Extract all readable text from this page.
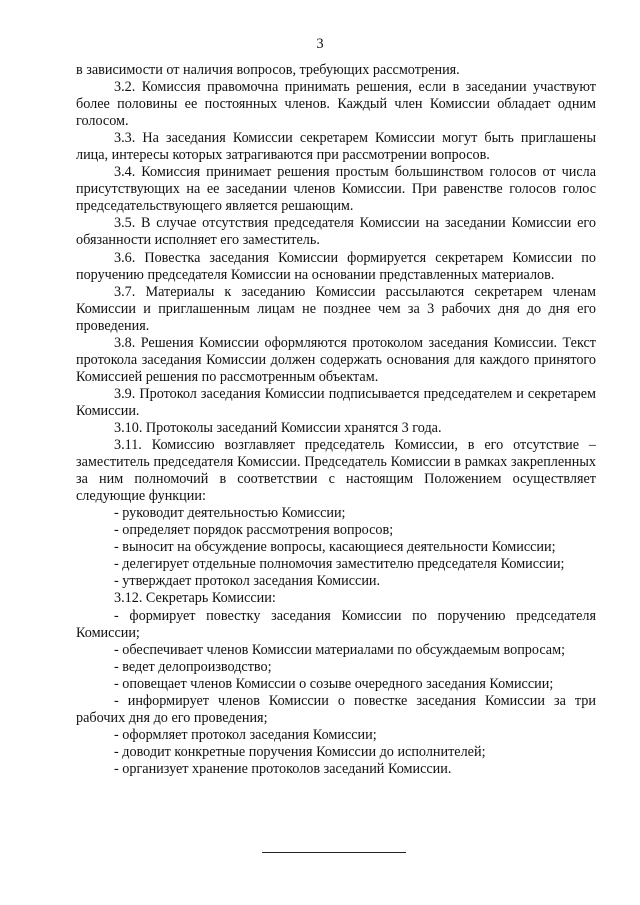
3

в зависимости от наличия вопросов, требующих рассмотрения.

3.2. Комиссия правомочна принимать решения, если в заседании участвуют более половины ее постоянных членов. Каждый член Комиссии обладает одним голосом.

3.3. На заседания Комиссии секретарем Комиссии могут быть приглашены лица, интересы которых затрагиваются при рассмотрении вопросов.

3.4. Комиссия принимает решения простым большинством голосов от числа присутствующих на ее заседании членов Комиссии. При равенстве голосов голос председательствующего является решающим.

3.5. В случае отсутствия председателя Комиссии на заседании Комиссии его обязанности исполняет его заместитель.

3.6. Повестка заседания Комиссии формируется секретарем Комиссии по поручению председателя Комиссии на основании представленных материалов.

3.7. Материалы к заседанию Комиссии рассылаются секретарем членам Комиссии и приглашенным лицам не позднее чем за 3 рабочих дня до дня его проведения.

3.8. Решения Комиссии оформляются протоколом заседания Комиссии. Текст протокола заседания Комиссии должен содержать основания для каждого принятого Комиссией решения по рассмотренным объектам.

3.9. Протокол заседания Комиссии подписывается председателем и секретарем Комиссии.

3.10. Протоколы заседаний Комиссии хранятся 3 года.

3.11. Комиссию возглавляет председатель Комиссии, в его отсутствие – заместитель председателя Комиссии. Председатель Комиссии в рамках закрепленных за ним полномочий в соответствии с настоящим Положением осуществляет следующие функции:

- руководит деятельностью Комиссии;

- определяет порядок рассмотрения вопросов;

- выносит на обсуждение вопросы, касающиеся деятельности Комиссии;

- делегирует отдельные полномочия заместителю председателя Комиссии;

- утверждает протокол заседания Комиссии.

3.12. Секретарь Комиссии:

- формирует повестку заседания Комиссии по поручению председателя Комиссии;

- обеспечивает членов Комиссии материалами по обсуждаемым вопросам;

- ведет делопроизводство;

- оповещает членов Комиссии о созыве очередного заседания Комиссии;

- информирует членов Комиссии о повестке заседания Комиссии за три рабочих дня до его проведения;

- оформляет протокол заседания Комиссии;

- доводит конкретные поручения Комиссии до исполнителей;

- организует хранение протоколов заседаний Комиссии.
